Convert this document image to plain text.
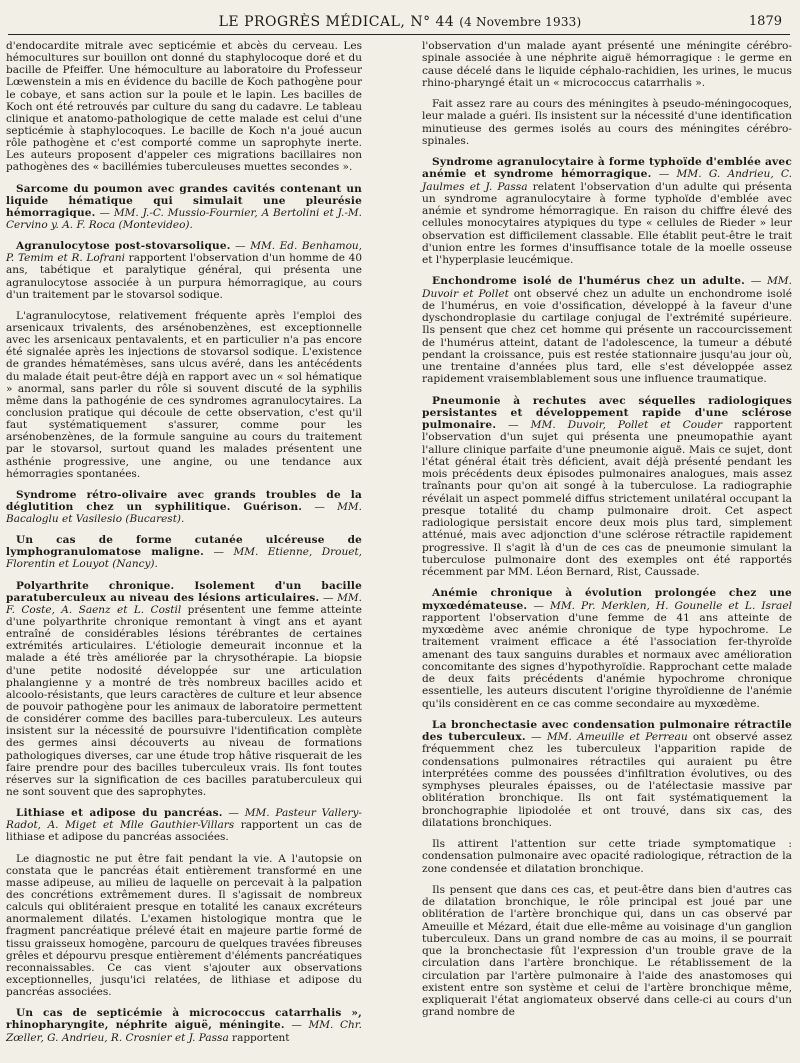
LE PROGRÈS MÉDICAL, N° 44 (4 Novembre 1933)	1879

d'endocardite mitrale avec septicémie et abcès du cerveau. Les hémocultures sur bouillon ont donné du staphylocoque doré et du bacille de Pfeiffer. Une hémoculture au laboratoire du Professeur Lœwenstein a mis en évidence du bacille de Koch pathogène pour le cobaye, et sans action sur la poule et le lapin. Les bacilles de Koch ont été retrouvés par culture du sang du cadavre. Le tableau clinique et anatomo-pathologique de cette malade est celui d'une septicémie à staphylocoques. Le bacille de Koch n'a joué aucun rôle pathogène et c'est comporté comme un saprophyte inerte. Les auteurs proposent d'appeler ces migrations bacillaires non pathogènes des « bacillémies tuberculeuses muettes secondes ».

Sarcome du poumon avec grandes cavités contenant un liquide hématique qui simulait une pleurésie hémorragique. — MM. J.-C. Mussio-Fournier, A Bertolini et J.-M. Cervino y. A. F. Roca (Montevideo).

Agranulocytose post-stovarsolique. — MM. Ed. Benhamou, P. Temim et R. Lofrani rapportent l'observation d'un homme de 40 ans, tabétique et paralytique général, qui présenta une agranulocytose associée à un purpura hémorragique, au cours d'un traitement par le stovarsol sodique.

L'agranulocytose, relativement fréquente après l'emploi des arsenicaux trivalents, des arsénobenzènes, est exceptionnelle avec les arsenicaux pentavalents, et en particulier n'a pas encore été signalée après les injections de stovarsol sodique. L'existence de grandes hématémèses, sans ulcus avéré, dans les antécédents du malade était peut-être déjà en rapport avec un « sol hématique » anormal, sans parler du rôle si souvent discuté de la syphilis même dans la pathogénie de ces syndromes agranulocytaires. La conclusion pratique qui découle de cette observation, c'est qu'il faut systématiquement s'assurer, comme pour les arsénobenzènes, de la formule sanguine au cours du traitement par le stovarsol, surtout quand les malades présentent une asthénie progressive, une angine, ou une tendance aux hémorragies spontanées.

Syndrome rétro-olivaire avec grands troubles de la déglutition chez un syphilitique. Guérison. — MM. Bacaloglu et Vasilesio (Bucarest).

Un cas de forme cutanée ulcéreuse de lymphogranulomatose maligne. — MM. Etienne, Drouet, Florentin et Louyot (Nancy).

Polyarthrite chronique. Isolement d'un bacille paratuberculeux au niveau des lésions articulaires. — MM. F. Coste, A. Saenz et L. Costil présentent une femme atteinte d'une polyarthrite chronique remontant à vingt ans et ayant entraîné de considérables lésions térébrantes de certaines extrémités articulaires. L'étiologie demeurait inconnue et la malade a été très améliorée par la chrysothérapie. La biopsie d'une petite nodosité développée sur une articulation phalangienne y a montré de très nombreux bacilles acido et alcoolo-résistants, que leurs caractères de culture et leur absence de pouvoir pathogène pour les animaux de laboratoire permettent de considérer comme des bacilles para-tuberculeux. Les auteurs insistent sur la nécessité de poursuivre l'identification complète des germes ainsi découverts au niveau de formations pathologiques diverses, car une étude trop hâtive risquerait de les faire prendre pour des bacilles tuberculeux vrais. Ils font toutes réserves sur la signification de ces bacilles paratuberculeux qui ne sont souvent que des saprophytes.

Lithiase et adipose du pancréas. — MM. Pasteur Vallery-Radot, A. Miget et Mlle Gauthier-Villars rapportent un cas de lithiase et adipose du pancréas associées.

Le diagnostic ne put être fait pendant la vie. A l'autopsie on constata que le pancréas était entièrement transformé en une masse adipeuse, au milieu de laquelle on percevait à la palpation des concrétions extrêmement dures. Il s'agissait de nombreux calculs qui oblitéraient presque en totalité les canaux excréteurs anormalement dilatés. L'examen histologique montra que le fragment pancréatique prélevé était en majeure partie formé de tissu graisseux homogène, parcouru de quelques travées fibreuses grêles et dépourvu presque entièrement d'éléments pancréatiques reconnaissables. Ce cas vient s'ajouter aux observations exceptionnelles, jusqu'ici relatées, de lithiase et adipose du pancréas associées.

Un cas de septicémie à micrococcus catarrhalis », rhinopharyngite, néphrite aiguë, méningite. — MM. Chr. Zœller, G. Andrieu, R. Crosnier et J. Passa rapportent

l'observation d'un malade ayant présenté une méningite cérébro-spinale associée à une néphrite aiguë hémorragique : le germe en cause décelé dans le liquide céphalo-rachidien, les urines, le mucus rhino-pharyngé était un « micrococcus catarrhalis ».

Fait assez rare au cours des méningites à pseudo-méningocoques, leur malade a guéri. Ils insistent sur la nécessité d'une identification minutieuse des germes isolés au cours des méningites cérébro-spinales.

Syndrome agranulocytaire à forme typhoïde d'emblée avec anémie et syndrome hémorragique. — MM. G. Andrieu, C. Jaulmes et J. Passa relatent l'observation d'un adulte qui présenta un syndrome agranulocytaire à forme typhoïde d'emblée avec anémie et syndrome hémorragique. En raison du chiffre élevé des cellules monocytaires atypiques du type « cellules de Rieder » leur observation est difficilement classable. Elle établit peut-être le trait d'union entre les formes d'insuffisance totale de la moelle osseuse et l'hyperplasie leucémique.

Enchondrome isolé de l'humérus chez un adulte. — MM. Duvoir et Pollet ont observé chez un adulte un enchondrome isolé de l'humérus, en voie d'ossification, développé à la faveur d'une dyschondroplasie du cartilage conjugal de l'extrémité supérieure. Ils pensent que chez cet homme qui présente un raccourcissement de l'humérus atteint, datant de l'adolescence, la tumeur a débuté pendant la croissance, puis est restée stationnaire jusqu'au jour où, une trentaine d'années plus tard, elle s'est développée assez rapidement vraisemblablement sous une influence traumatique.

Pneumonie à rechutes avec séquelles radiologiques persistantes et développement rapide d'une sclérose pulmonaire. — MM. Duvoir, Pollet et Couder rapportent l'observation d'un sujet qui présenta une pneumopathie ayant l'allure clinique parfaite d'une pneumonie aiguë. Mais ce sujet, dont l'état général était très déficient, avait déjà présenté pendant les mois précédents deux épisodes pulmonaires analogues, mais assez traînants pour qu'on ait songé à la tuberculose. La radiographie révélait un aspect pommelé diffus strictement unilatéral occupant la presque totalité du champ pulmonaire droit. Cet aspect radiologique persistait encore deux mois plus tard, simplement atténué, mais avec adjonction d'une sclérose rétractile rapidement progressive. Il s'agit là d'un de ces cas de pneumonie simulant la tuberculose pulmonaire dont des exemples ont été rapportés récemment par MM. Léon Bernard, Rist, Caussade.

Anémie chronique à évolution prolongée chez une myxœdémateuse. — MM. Pr. Merklen, H. Gounelle et L. Israel rapportent l'observation d'une femme de 41 ans atteinte de myxœdème avec anémie chronique de type hypochrome. Le traitement vraiment efficace a été l'association fer-thyroïde amenant des taux sanguins durables et normaux avec amélioration concomitante des signes d'hypothyroïdie. Rapprochant cette malade de deux faits précédents d'anémie hypochrome chronique essentielle, les auteurs discutent l'origine thyroïdienne de l'anémie qu'ils considèrent en ce cas comme secondaire au myxœdème.

La bronchectasie avec condensation pulmonaire rétractile des tuberculeux. — MM. Ameuille et Perreau ont observé assez fréquemment chez les tuberculeux l'apparition rapide de condensations pulmonaires rétractiles qui auraient pu être interprétées comme des poussées d'infiltration évolutives, ou des symphyses pleurales épaisses, ou de l'atélectasie massive par oblitération bronchique. Ils ont fait systématiquement la bronchographie lipiodolée et ont trouvé, dans six cas, des dilatations bronchiques.

Ils attirent l'attention sur cette triade symptomatique : condensation pulmonaire avec opacité radiologique, rétraction de la zone condensée et dilatation bronchique.

Ils pensent que dans ces cas, et peut-être dans bien d'autres cas de dilatation bronchique, le rôle principal est joué par une oblitération de l'artère bronchique qui, dans un cas observé par Ameuille et Mézard, était due elle-même au voisinage d'un ganglion tuberculeux. Dans un grand nombre de cas au moins, il se pourrait que la bronchectasie fût l'expression d'un trouble grave de la circulation dans l'artère bronchique. Le rétablissement de la circulation par l'artère pulmonaire à l'aide des anastomoses qui existent entre son système et celui de l'artère bronchique même, expliquerait l'état angiomateux observé dans celle-ci au cours d'un grand nombre de
